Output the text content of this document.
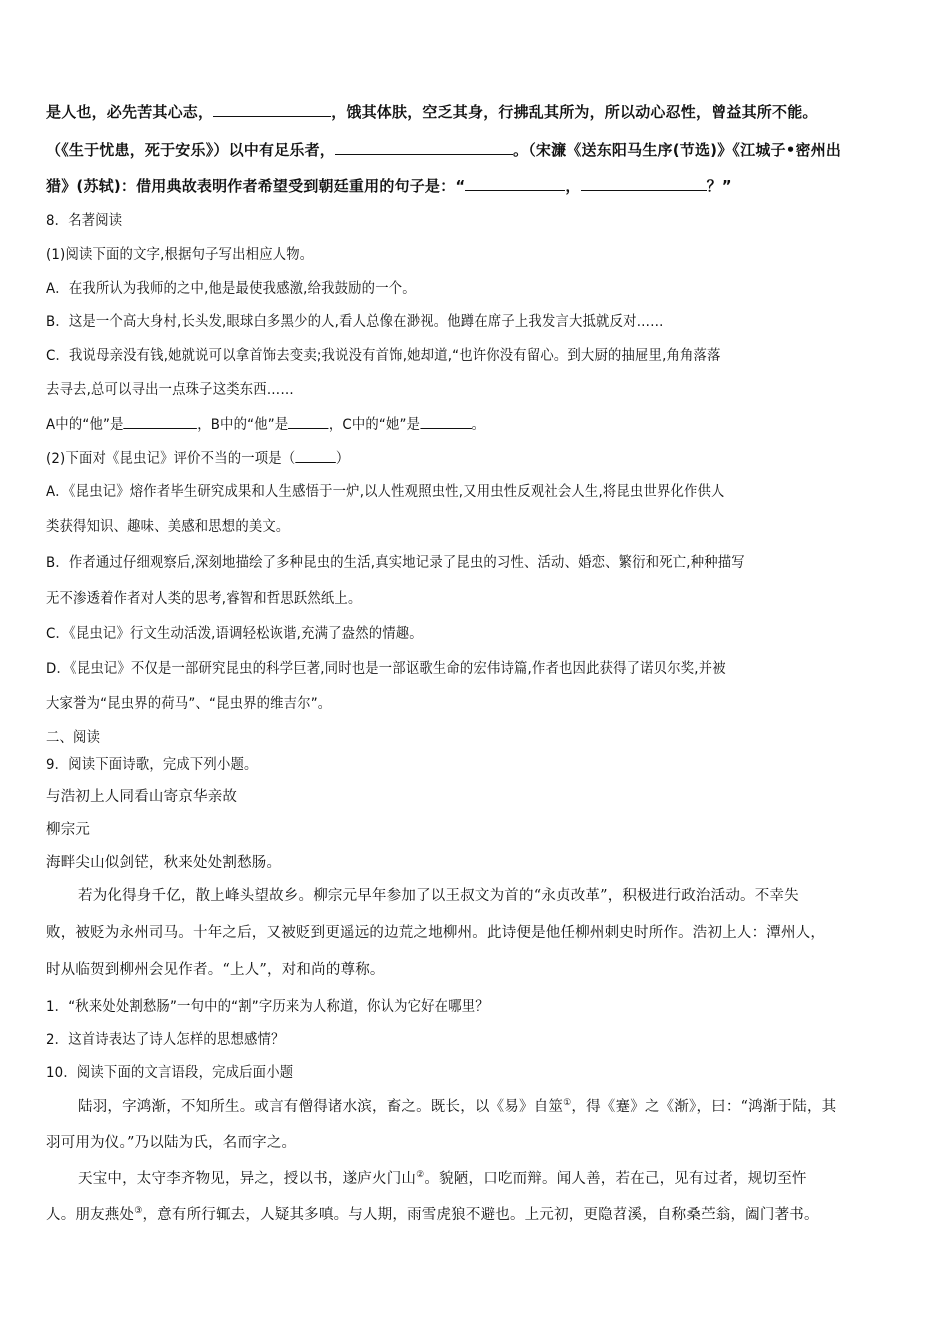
是人也，必先苦其心志，	，饿其体肤，空乏其身，行拂乱其所为，所以动心忍性，曾益其所不能。
（《生于忧患，死于安乐》）以中有足乐者，	。（宋濂《送东阳马生序(节选)》《江城子•密州出
猎》(苏轼)：借用典故表明作者希望受到朝廷重用的句子是：“	，	？”
8．名著阅读
(1)阅读下面的文字,根据句子写出相应人物。
A．在我所认为我师的之中,他是最使我感激,给我鼓励的一个。
B．这是一个高大身村,长头发,眼球白多黑少的人,看人总像在渺视。他蹲在席子上我发言大抵就反对……
C．我说母亲没有钱,她就说可以拿首饰去变卖;我说没有首饰,她却道,“也许你没有留心。到大厨的抽屉里,角角落落
去寻去,总可以寻出一点珠子这类东西……
A中的“他”是	，B中的“他”是	，C中的“她”是	。
(2)下面对《昆虫记》评价不当的一项是（	）
A．《昆虫记》熔作者毕生研究成果和人生感悟于一炉,以人性观照虫性,又用虫性反观社会人生,将昆虫世界化作供人
类获得知识、趣味、美感和思想的美文。
B．作者通过仔细观察后,深刻地描绘了多种昆虫的生活,真实地记录了昆虫的习性、活动、婚恋、繁衍和死亡,种种描写
无不渗透着作者对人类的思考,睿智和哲思跃然纸上。
C．《昆虫记》行文生动活泼,语调轻松诙谐,充满了盎然的情趣。
D．《昆虫记》不仅是一部研究昆虫的科学巨著,同时也是一部讴歌生命的宏伟诗篇,作者也因此获得了诺贝尔奖,并被
大家誉为“昆虫界的荷马”、“昆虫界的维吉尔”。
二、阅读
9．阅读下面诗歌，完成下列小题。
与浩初上人同看山寄京华亲故
柳宗元
海畔尖山似剑铓，秋来处处割愁肠。
若为化得身千亿，散上峰头望故乡。柳宗元早年参加了以王叔文为首的“永贞改革”，积极进行政治活动。不幸失
败，被贬为永州司马。十年之后，又被贬到更遥远的边荒之地柳州。此诗便是他任柳州刺史时所作。浩初上人：潭州人，
时从临贺到柳州会见作者。“上人”，对和尚的尊称。
1．“秋来处处割愁肠”一句中的“割”字历来为人称道，你认为它好在哪里？
2．这首诗表达了诗人怎样的思想感情？
10．阅读下面的文言语段，完成后面小题
陆羽，字鸿渐，不知所生。或言有僧得诸水滨，畜之。既长，以《易》自筮①，得《蹇》之《渐》，曰：“鸿渐于陆，其
羽可用为仪。”乃以陆为氏，名而字之。
天宝中，太守李齐物见，异之，授以书，遂庐火门山②。貌陋，口吃而辩。闻人善，若在己，见有过者，规切至忤
人。朋友燕处③，意有所行辄去，人疑其多嗔。与人期，雨雪虎狼不避也。上元初，更隐苕溪，自称桑苎翁，阖门著书。
